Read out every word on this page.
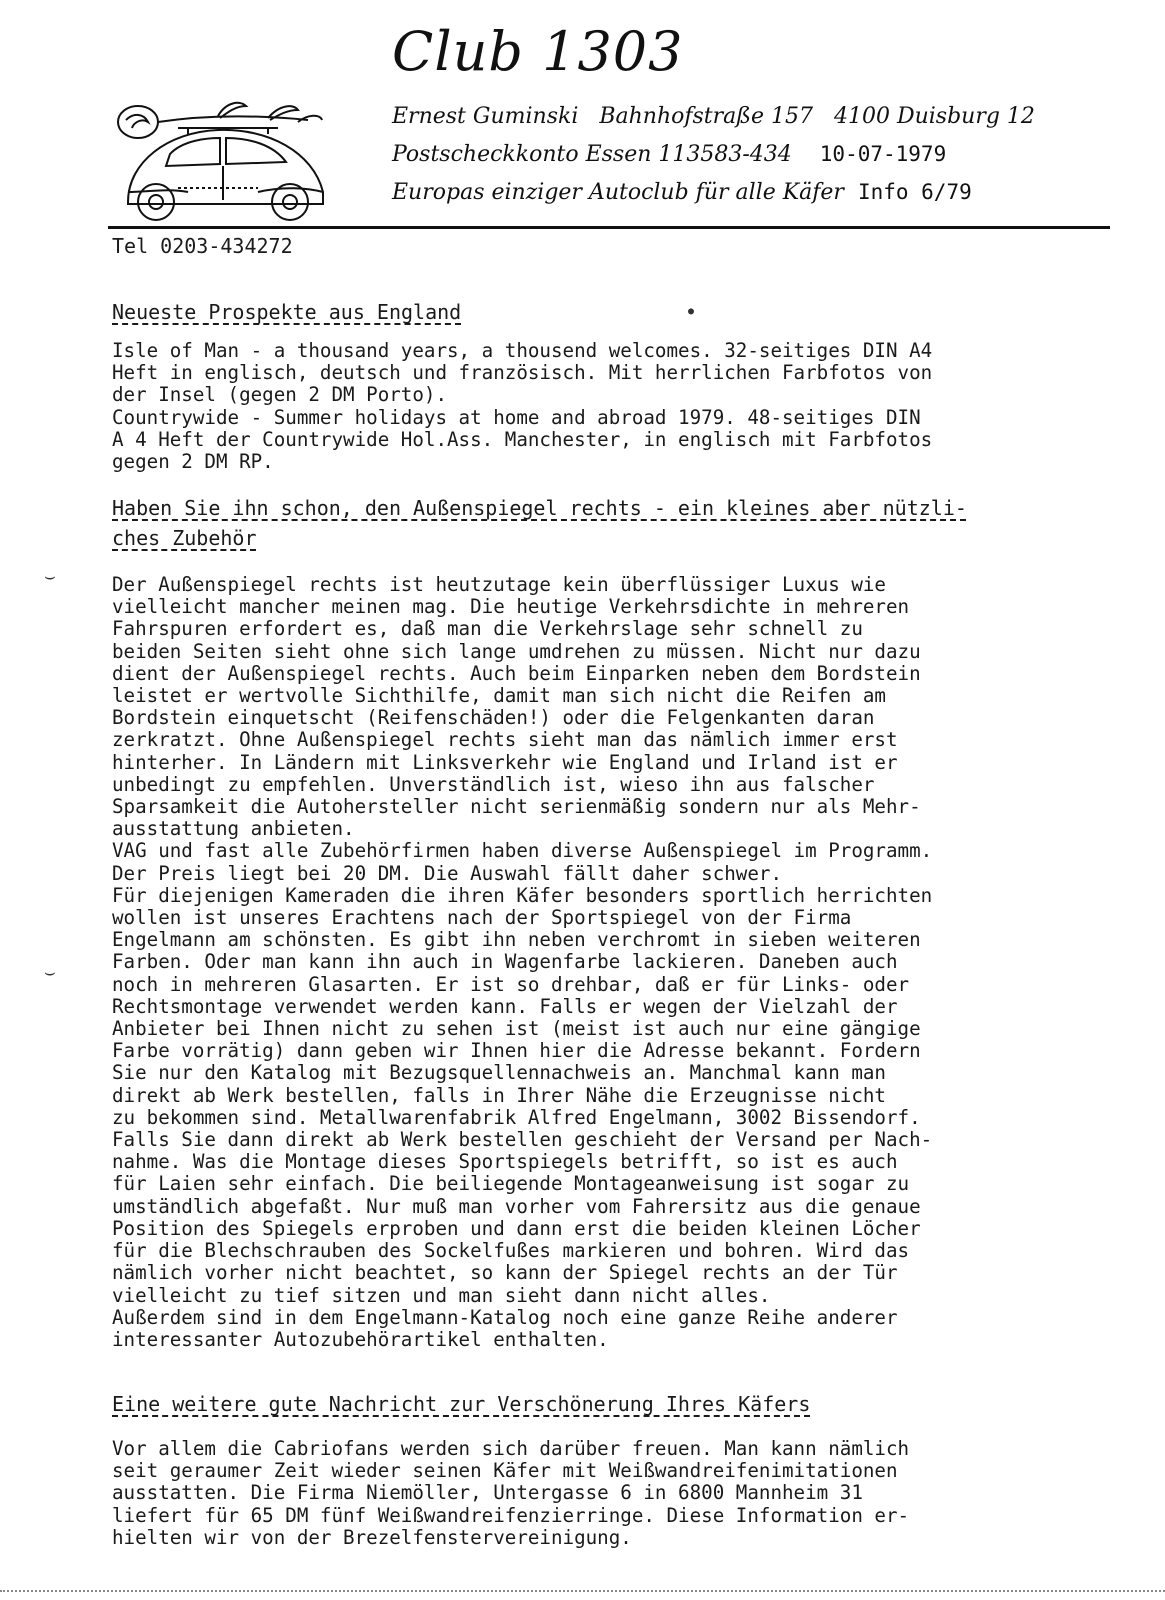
Club 1303
Ernest Guminski Bahnhofstraße 157 4100 Duisburg 12
Postscheckkonto Essen 113583-434 10-07-1979
Europas einziger Autoclub für alle Käfer Info 6/79
Tel 0203-434272
Neueste Prospekte aus England
Isle of Man - a thousand years, a thousend welcomes. 32-seitiges DIN A4
Heft in englisch, deutsch und französisch. Mit herrlichen Farbfotos von
der Insel (gegen 2 DM Porto).
Countrywide - Summer holidays at home and abroad 1979. 48-seitiges DIN
A 4 Heft der Countrywide Hol.Ass. Manchester, in englisch mit Farbfotos
gegen 2 DM RP.
Haben Sie ihn schon, den Außenspiegel rechts - ein kleines aber nützli-
ches Zubehör
Der Außenspiegel rechts ist heutzutage kein überflüssiger Luxus wie
vielleicht mancher meinen mag. Die heutige Verkehrsdichte in mehreren
Fahrspuren erfordert es, daß man die Verkehrslage sehr schnell zu
beiden Seiten sieht ohne sich lange umdrehen zu müssen. Nicht nur dazu
dient der Außenspiegel rechts. Auch beim Einparken neben dem Bordstein
leistet er wertvolle Sichthilfe, damit man sich nicht die Reifen am
Bordstein einquetscht (Reifenschäden!) oder die Felgenkanten daran
zerkratzt. Ohne Außenspiegel rechts sieht man das nämlich immer erst
hinterher. In Ländern mit Linksverkehr wie England und Irland ist er
unbedingt zu empfehlen. Unverständlich ist, wieso ihn aus falscher
Sparsamkeit die Autohersteller nicht serienmäßig sondern nur als Mehr-
ausstattung anbieten.
VAG und fast alle Zubehörfirmen haben diverse Außenspiegel im Programm.
Der Preis liegt bei 20 DM. Die Auswahl fällt daher schwer.
Für diejenigen Kameraden die ihren Käfer besonders sportlich herrichten
wollen ist unseres Erachtens nach der Sportspiegel von der Firma
Engelmann am schönsten. Es gibt ihn neben verchromt in sieben weiteren
Farben. Oder man kann ihn auch in Wagenfarbe lackieren. Daneben auch
noch in mehreren Glasarten. Er ist so drehbar, daß er für Links- oder
Rechtsmontage verwendet werden kann. Falls er wegen der Vielzahl der
Anbieter bei Ihnen nicht zu sehen ist (meist ist auch nur eine gängige
Farbe vorrätig) dann geben wir Ihnen hier die Adresse bekannt. Fordern
Sie nur den Katalog mit Bezugsquellennachweis an. Manchmal kann man
direkt ab Werk bestellen, falls in Ihrer Nähe die Erzeugnisse nicht
zu bekommen sind. Metallwarenfabrik Alfred Engelmann, 3002 Bissendorf.
Falls Sie dann direkt ab Werk bestellen geschieht der Versand per Nach-
nahme. Was die Montage dieses Sportspiegels betrifft, so ist es auch
für Laien sehr einfach. Die beiliegende Montageanweisung ist sogar zu
umständlich abgefaßt. Nur muß man vorher vom Fahrersitz aus die genaue
Position des Spiegels erproben und dann erst die beiden kleinen Löcher
für die Blechschrauben des Sockelfußes markieren und bohren. Wird das
nämlich vorher nicht beachtet, so kann der Spiegel rechts an der Tür
vielleicht zu tief sitzen und man sieht dann nicht alles.
Außerdem sind in dem Engelmann-Katalog noch eine ganze Reihe anderer
interessanter Autozubehörartikel enthalten.
Eine weitere gute Nachricht zur Verschönerung Ihres Käfers
Vor allem die Cabriofans werden sich darüber freuen. Man kann nämlich
seit geraumer Zeit wieder seinen Käfer mit Weißwandreifenimitationen
ausstatten. Die Firma Niemöller, Untergasse 6 in 6800 Mannheim 31
liefert für 65 DM fünf Weißwandreifenzierringe. Diese Information er-
hielten wir von der Brezelfenstervereinigung.
⌣
⌣
●
